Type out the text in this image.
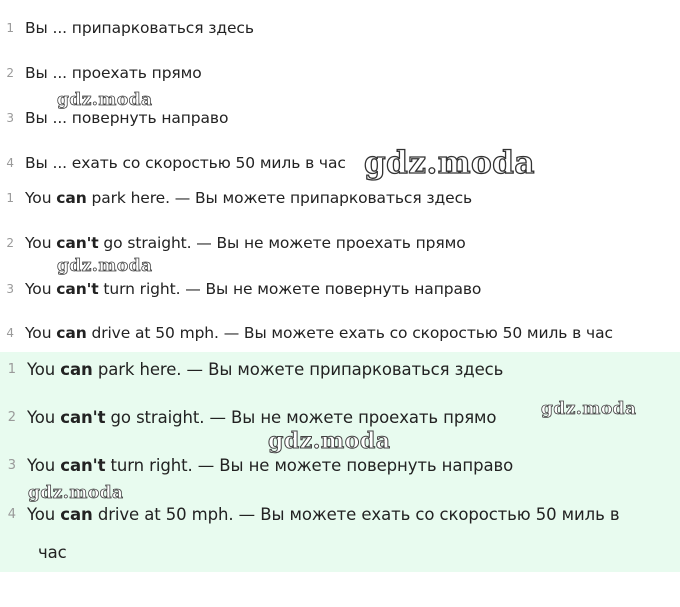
1 Вы ... припарковаться здесь
2 Вы ... проехать прямо
3 Вы ... повернуть направо
4 Вы ... ехать со скоростью 50 миль в час
1 You can park here. — Вы можете припарковаться здесь
2 You can't go straight. — Вы не можете проехать прямо
3 You can't turn right. — Вы не можете повернуть направо
4 You can drive at 50 mph. — Вы можете ехать со скоростью 50 миль в час
1 You can park here. — Вы можете припарковаться здесь
2 You can't go straight. — Вы не можете проехать прямо
3 You can't turn right. — Вы не можете повернуть направо
4 You can drive at 50 mph. — Вы можете ехать со скоростью 50 миль в
час
gdz.moda
gdz.moda
gdz.moda
gdz.moda
gdz.moda
gdz.moda
